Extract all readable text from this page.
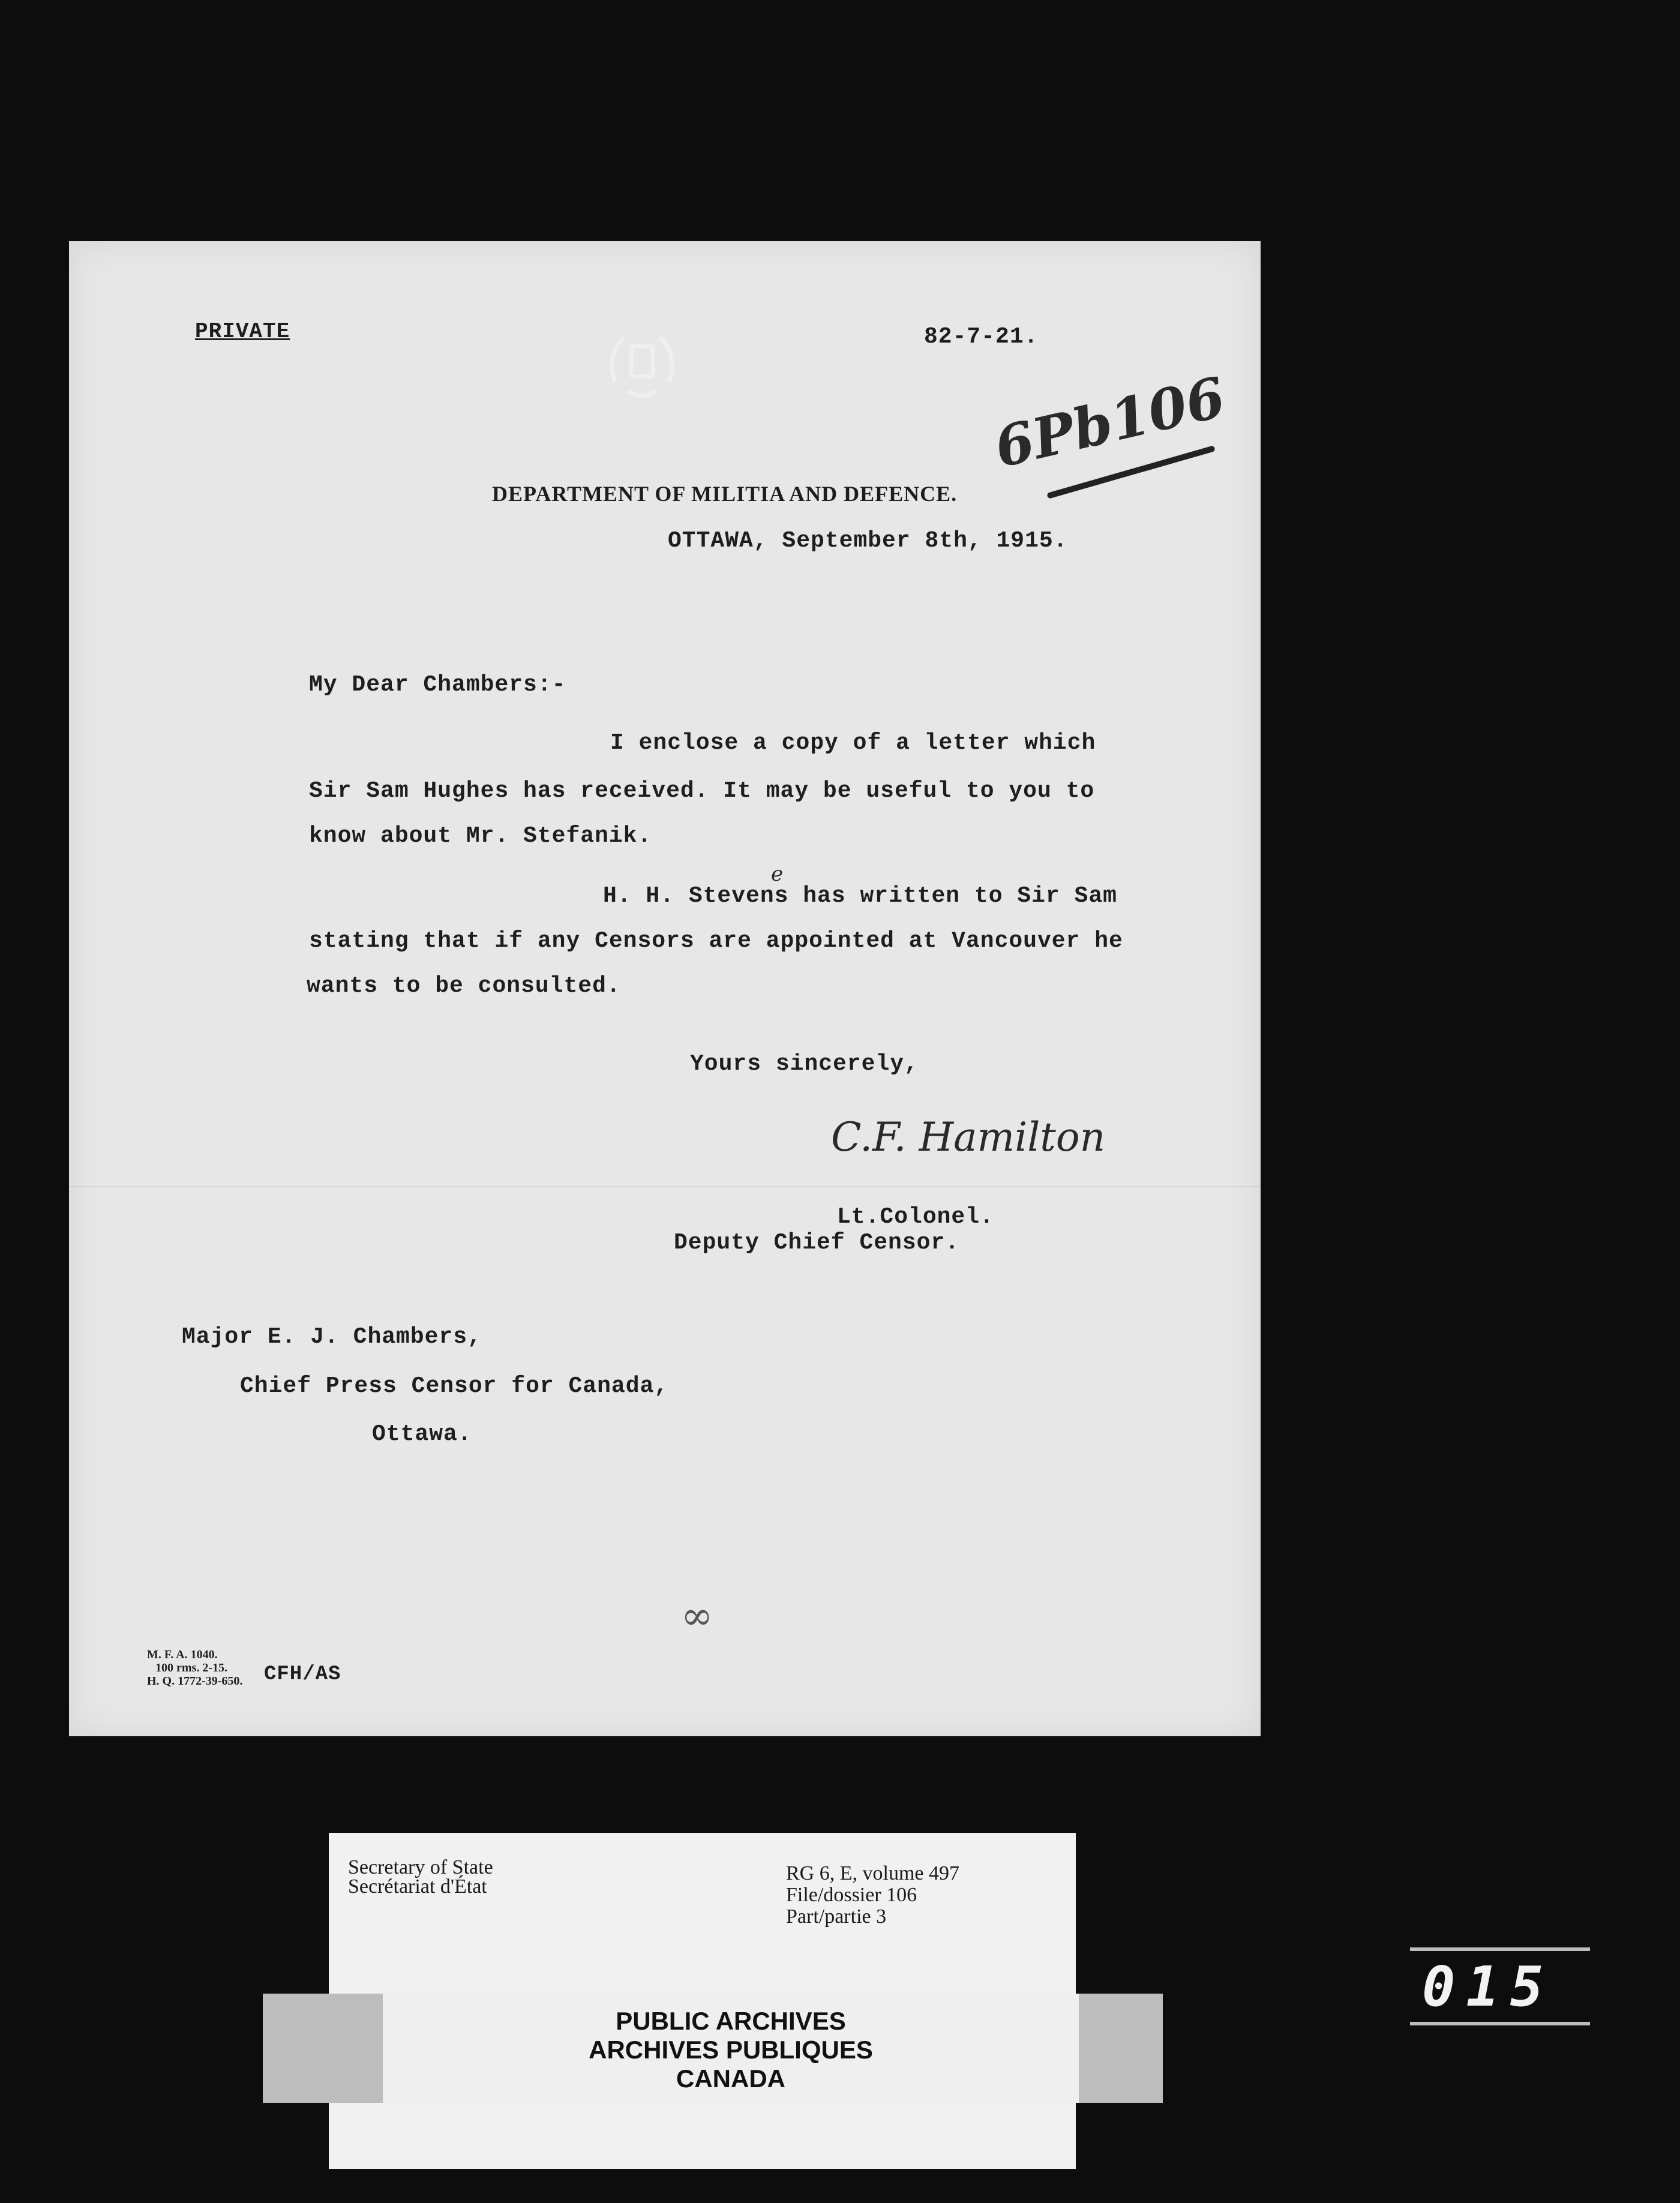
PRIVATE	82-7-21.
6Pb106
DEPARTMENT OF MILITIA AND DEFENCE.
OTTAWA, September 8th, 1915.
My Dear Chambers:-
I enclose a copy of a letter which
Sir Sam Hughes has received. It may be useful to you to
know about Mr. Stefanik.
H. H. Stevens has written to Sir Sam
e
stating that if any Censors are appointed at Vancouver he
wants to be consulted.
Yours sincerely,
C.F. Hamilton
Lt.Colonel.
Deputy Chief Censor.
Major E. J. Chambers,
Chief Press Censor for Canada,
Ottawa.
∞
M. F. A. 1040.
100 rms. 2-15.
H. Q. 1772-39-650. CFH/AS
Secretary of State
Secrétariat d'État
RG 6, E, volume 497
File/dossier 106
Part/partie 3
PUBLIC ARCHIVES
ARCHIVES PUBLIQUES
CANADA
015
